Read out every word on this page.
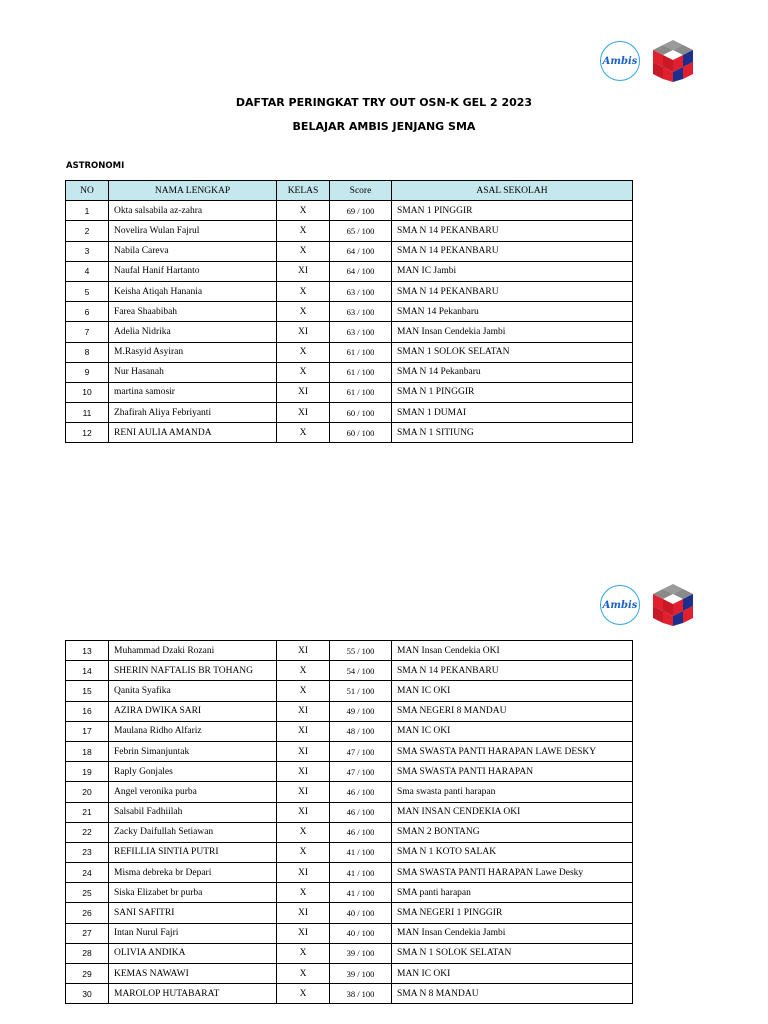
Ambis
DAFTAR PERINGKAT TRY OUT OSN-K GEL 2 2023
BELAJAR AMBIS JENJANG SMA
ASTRONOMI
NO	NAMA LENGKAP	KELAS	Score	ASAL SEKOLAH
1	Okta salsabila az-zahra	X	69 / 100	SMAN 1 PINGGIR
2	Novelira Wulan Fajrul	X	65 / 100	SMA N 14 PEKANBARU
3	Nabila Careva	X	64 / 100	SMA N 14 PEKANBARU
4	Naufal Hanif Hartanto	XI	64 / 100	MAN IC Jambi
5	Keisha Atiqah Hanania	X	63 / 100	SMA N 14 PEKANBARU
6	Farea Shaabibah	X	63 / 100	SMAN 14 Pekanbaru
7	Adelia Nidrika	XI	63 / 100	MAN Insan Cendekia Jambi
8	M.Rasyid Asyiran	X	61 / 100	SMAN 1 SOLOK SELATAN
9	Nur Hasanah	X	61 / 100	SMA N 14 Pekanbaru
10	martina samosir	XI	61 / 100	SMA N 1 PINGGIR
11	Zhafirah Aliya Febriyanti	XI	60 / 100	SMAN 1 DUMAI
12	RENI AULIA AMANDA	X	60 / 100	SMA N 1 SITIUNG
Ambis
13	Muhammad Dzaki Rozani	XI	55 / 100	MAN Insan Cendekia OKI
14	SHERIN NAFTALIS BR TOHANG	X	54 / 100	SMA N 14 PEKANBARU
15	Qanita Syafika	X	51 / 100	MAN IC OKI
16	AZIRA DWIKA SARI	XI	49 / 100	SMA NEGERI 8 MANDAU
17	Maulana Ridho Alfariz	XI	48 / 100	MAN IC OKI
18	Febrin Simanjuntak	XI	47 / 100	SMA SWASTA PANTI HARAPAN LAWE DESKY
19	Raply Gonjales	XI	47 / 100	SMA SWASTA PANTI HARAPAN
20	Angel veronika purba	XI	46 / 100	Sma swasta panti harapan
21	Salsabil Fadhiilah	XI	46 / 100	MAN INSAN CENDEKIA OKI
22	Zacky Daifullah Setiawan	X	46 / 100	SMAN 2 BONTANG
23	REFILLIA SINTIA PUTRI	X	41 / 100	SMA N 1 KOTO SALAK
24	Misma debreka br Depari	XI	41 / 100	SMA SWASTA PANTI HARAPAN Lawe Desky
25	Siska Elizabet br purba	X	41 / 100	SMA panti harapan
26	SANI SAFITRI	XI	40 / 100	SMA NEGERI 1 PINGGIR
27	Intan Nurul Fajri	XI	40 / 100	MAN Insan Cendekia Jambi
28	OLIVIA ANDIKA	X	39 / 100	SMA N 1 SOLOK SELATAN
29	KEMAS NAWAWI	X	39 / 100	MAN IC OKI
30	MAROLOP HUTABARAT	X	38 / 100	SMA N 8 MANDAU
